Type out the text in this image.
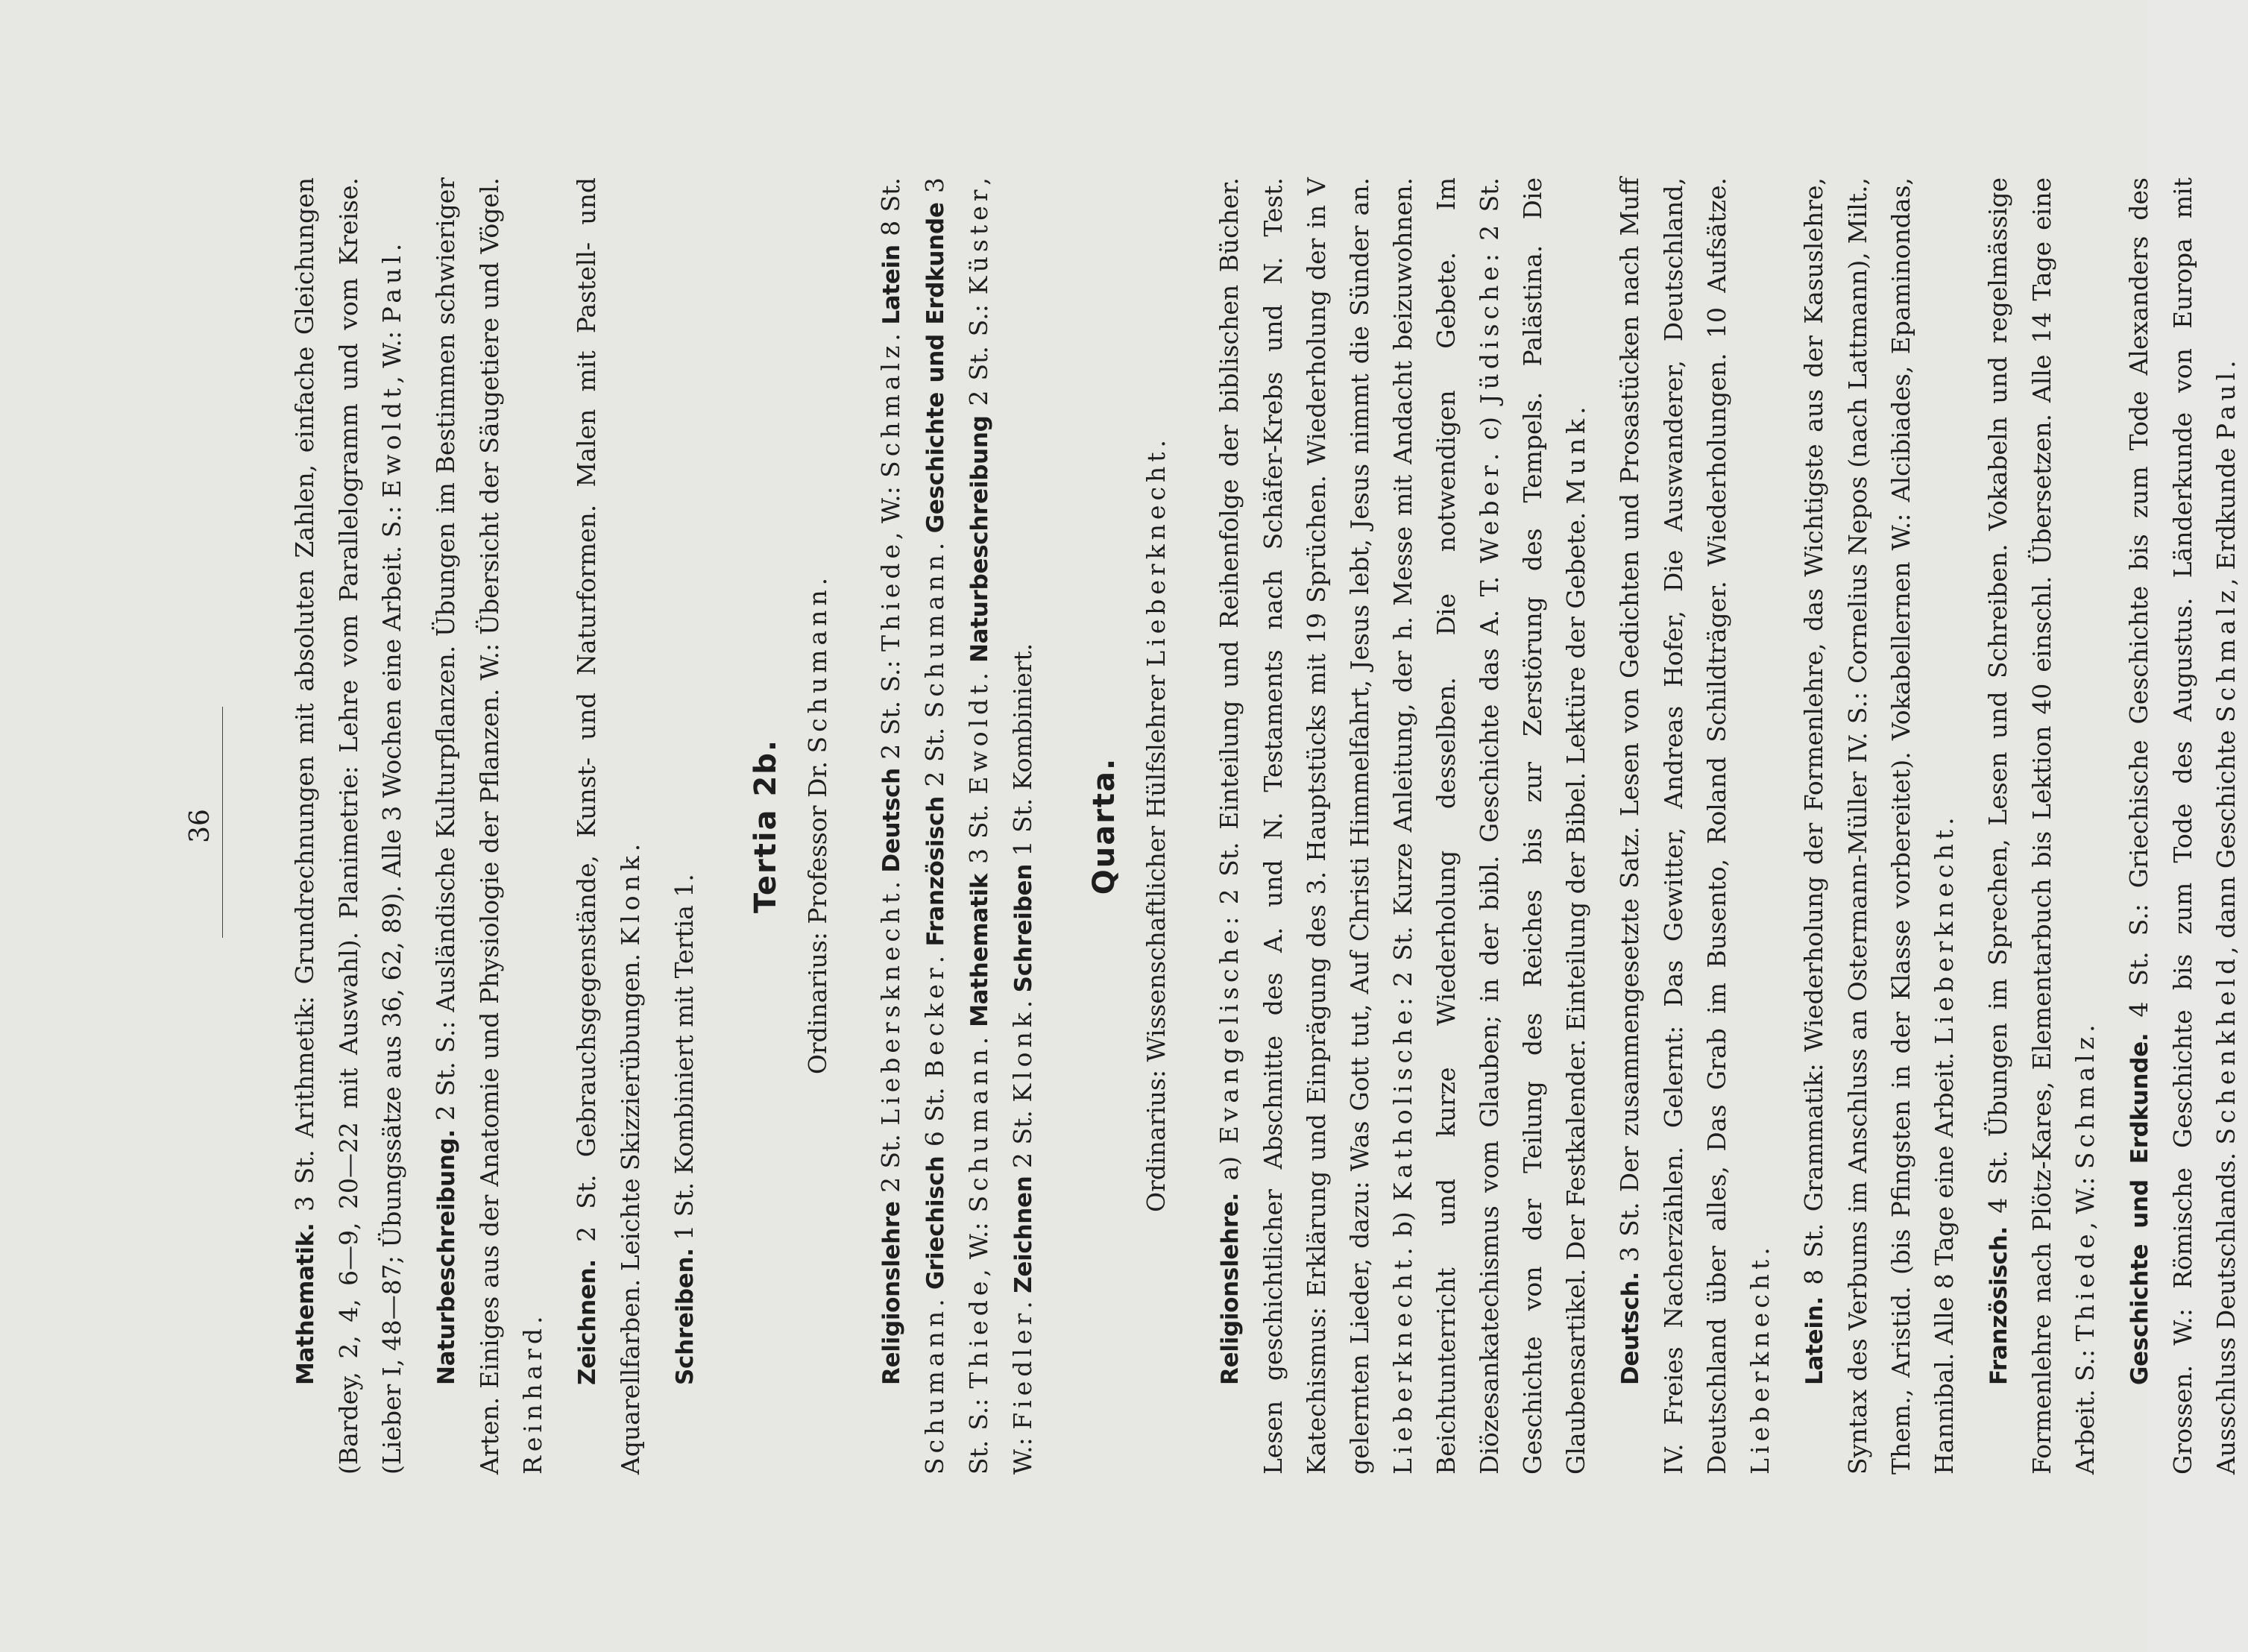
36

Mathematik. 3 St. Arithmetik: Grundrechnungen mit absoluten Zahlen, einfache Gleichungen (Bardey, 2, 4, 6—9, 20—22 mit Auswahl). Planimetrie: Lehre vom Parallelogramm und vom Kreise. (Lieber I, 48—87; Übungssätze aus 36, 62, 89). Alle 3 Wochen eine Arbeit. S.: Ewoldt, W.: Paul.

Naturbeschreibung. 2 St. S.: Ausländische Kulturpflanzen. Übungen im Bestimmen schwieriger Arten. Einiges aus der Anatomie und Physiologie der Pflanzen. W.: Übersicht der Säugetiere und Vögel. Reinhard.	Zeichnen. 2 St. Gebrauchsgegenstände, Kunst- und Naturformen. Malen mit Pastell- und Aquarellfarben. Leichte Skizzierübungen. Klonk.

Schreiben. 1 St. Kombiniert mit Tertia 1.

Tertia 2b. Ordinarius: Professor Dr. Schumann.

Religionslehre 2 St. Liebersknecht. Deutsch 2 St. S.: Thiede, W.: Schmalz. Latein 8 St. Schumann. Griechisch 6 St. Becker. Französisch 2 St. Schumann. Geschichte und Erdkunde 3 St. S.: Thiede, W.: Schumann. Mathematik 3 St. Ewoldt. Naturbeschreibung 2 St. S.: Küster, W.: Fiedler. Zeichnen 2 St. Klonk. Schreiben 1 St. Kombiniert. Quarta. Ordinarius: Wissenschaftlicher Hülfslehrer Lieberknecht.

Religionslehre. a) Evangelische: 2 St. Einteilung und Reihenfolge der biblischen Bücher. Lesen geschichtlicher Abschnitte des A. und N. Testaments nach Schäfer-Krebs und N. Test. Katechismus: Erklärung und Einprägung des 3. Hauptstücks mit 19 Sprüchen. Wiederholung der in V gelernten Lieder, dazu: Was Gott tut, Auf Christi Himmelfahrt, Jesus lebt, Jesus nimmt die Sünder an. Lieberknecht. b) Katholische: 2 St. Kurze Anleitung, der h. Messe mit Andacht beizuwohnen. Beichtunterricht und kurze Wiederholung desselben. Die notwendigen Gebete. Im Diözesankatechismus vom Glauben; in der bibl. Geschichte das A. T. Weber. c) Jüdische: 2 St. Geschichte von der Teilung des Reiches bis zur Zerstörung des Tempels. Palästina. Die Glaubensartikel. Der Festkalender. Einteilung der Bibel. Lektüre der Gebete. Munk.

Deutsch. 3 St. Der zusammengesetzte Satz. Lesen von Gedichten und Prosastücken nach Muff IV. Freies Nacherzählen. Gelernt: Das Gewitter, Andreas Hofer, Die Auswanderer, Deutschland, Deutschland über alles, Das Grab im Busento, Roland Schildträger. Wiederholungen. 10 Aufsätze. Lieberknecht.

Latein. 8 St. Grammatik: Wiederholung der Formenlehre, das Wichtigste aus der Kasuslehre, Syntax des Verbums im Anschluss an Ostermann-Müller IV. S.: Cornelius Nepos (nach Lattmann), Milt., Them., Aristid. (bis Pfingsten in der Klasse vorbereitet). Vokabellernen W.: Alcibiades, Epaminondas, Hannibal. Alle 8 Tage eine Arbeit. Lieberknecht.

Französisch. 4 St. Übungen im Sprechen, Lesen und Schreiben. Vokabeln und regelmässige Formenlehre nach Plötz-Kares, Elementarbuch bis Lektion 40 einschl. Übersetzen. Alle 14 Tage eine Arbeit. S.: Thiede, W.: Schmalz.

Geschichte und Erdkunde. 4 St. S.: Griechische Geschichte bis zum Tode Alexanders des Grossen. W.: Römische Geschichte bis zum Tode des Augustus. Länderkunde von Europa mit Ausschluss Deutschlands. Schenkheld, dann Geschichte Schmalz, Erdkunde Paul.
